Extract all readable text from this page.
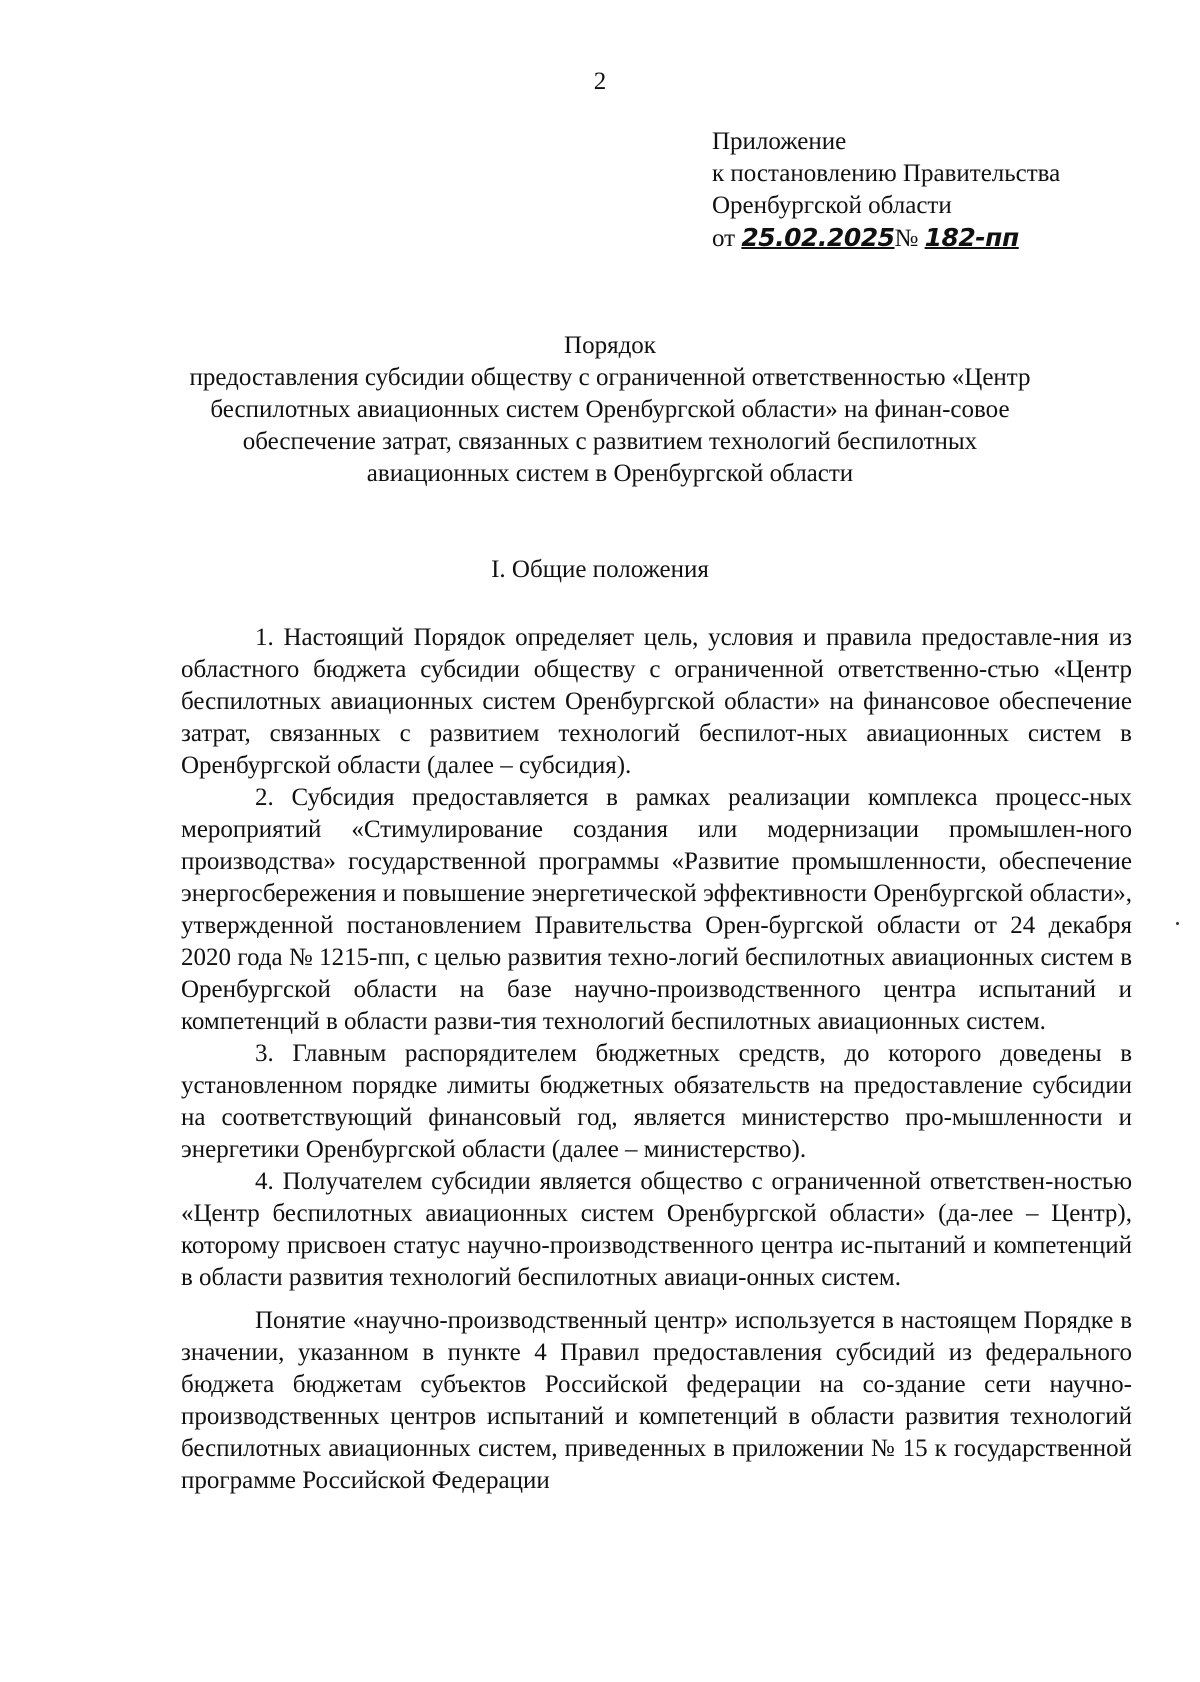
2
Приложение
к постановлению Правительства
Оренбургской области
от 25.02.2025№ 182-пп

Порядок

предоставления субсидии обществу с ограниченной ответственностью «Центр беспилотных авиационных систем Оренбургской области» на финан-совое обеспечение затрат, связанных с развитием технологий беспилотных авиационных систем в Оренбургской области

I. Общие положения

1. Настоящий Порядок определяет цель, условия и правила предоставле-ния из областного бюджета субсидии обществу с ограниченной ответственно-стью «Центр беспилотных авиационных систем Оренбургской области» на финансовое обеспечение затрат, связанных с развитием технологий беспилот-ных авиационных систем в Оренбургской области (далее – субсидия).

2. Субсидия предоставляется в рамках реализации комплекса процесс-ных мероприятий «Стимулирование создания или модернизации промышлен-ного производства» государственной программы «Развитие промышленности, обеспечение энергосбережения и повышение энергетической эффективности Оренбургской области», утвержденной постановлением Правительства Орен-бургской области от 24 декабря 2020 года № 1215-пп, с целью развития техно-логий беспилотных авиационных систем в Оренбургской области на базе научно-производственного центра испытаний и компетенций в области разви-тия технологий беспилотных авиационных систем.

3. Главным распорядителем бюджетных средств, до которого доведены в установленном порядке лимиты бюджетных обязательств на предоставление субсидии на соответствующий финансовый год, является министерство про-мышленности и энергетики Оренбургской области (далее – министерство).

4. Получателем субсидии является общество с ограниченной ответствен-ностью «Центр беспилотных авиационных систем Оренбургской области» (да-лее – Центр), которому присвоен статус научно-производственного центра ис-пытаний и компетенций в области развития технологий беспилотных авиаци-онных систем.

Понятие «научно-производственный центр» используется в настоящем Порядке в значении, указанном в пункте 4 Правил предоставления субсидий из федерального бюджета бюджетам субъектов Российской федерации на со-здание сети научно-производственных центров испытаний и компетенций в области развития технологий беспилотных авиационных систем, приведенных в приложении № 15 к государственной программе Российской Федерации
